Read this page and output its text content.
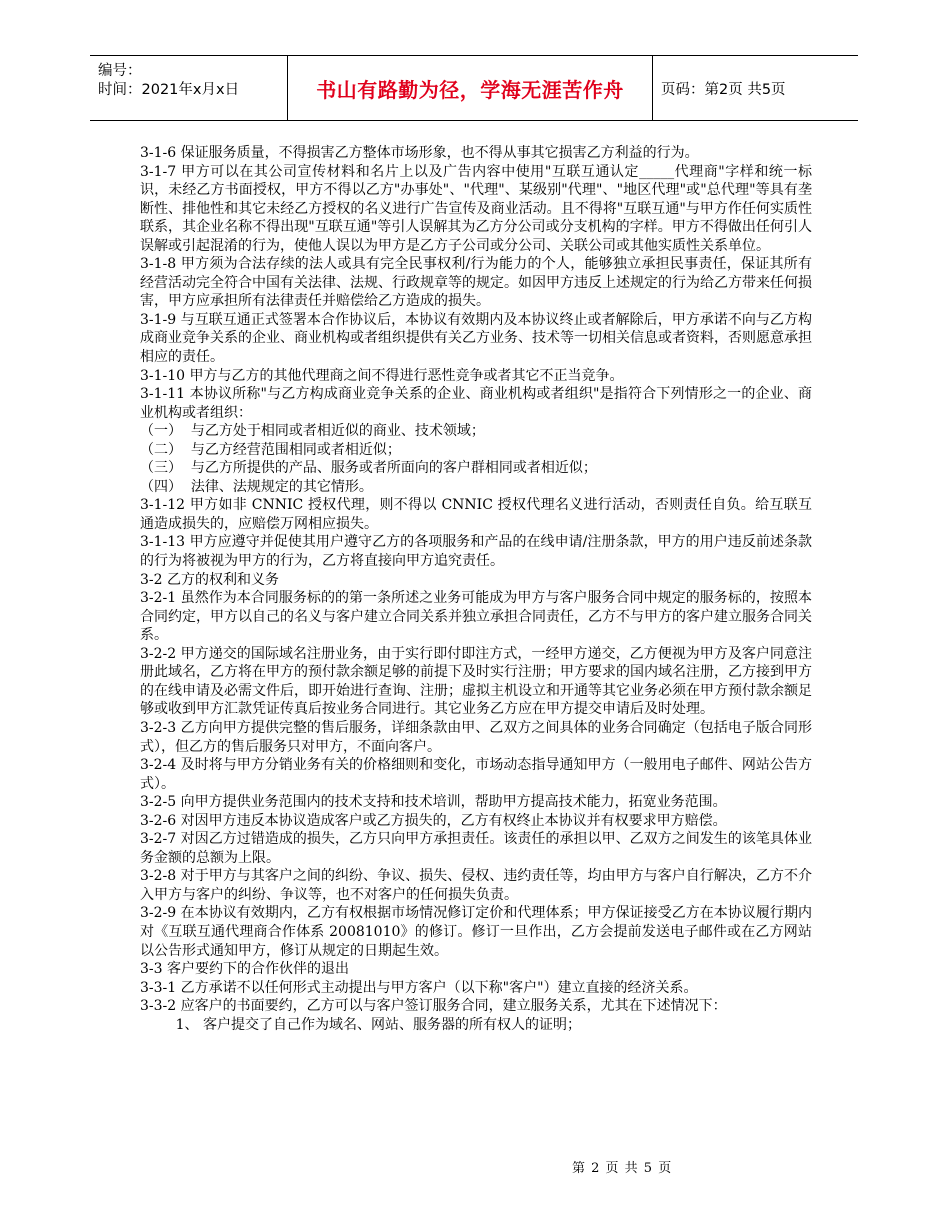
编号：
时间：2021年x月x日	书山有路勤为径，学海无涯苦作舟	页码：第2页 共5页

3-1-6 保证服务质量，不得损害乙方整体市场形象，也不得从事其它损害乙方利益的行为。

3-1-7 甲方可以在其公司宣传材料和名片上以及广告内容中使用"互联互通认定_____代理商"字样和统一标识，未经乙方书面授权，甲方不得以乙方"办事处"、"代理"、某级别"代理"、"地区代理"或"总代理"等具有垄断性、排他性和其它未经乙方授权的名义进行广告宣传及商业活动。且不得将"互联互通"与甲方作任何实质性联系，其企业名称不得出现"互联互通"等引人误解其为乙方分公司或分支机构的字样。甲方不得做出任何引人误解或引起混淆的行为，使他人误以为甲方是乙方子公司或分公司、关联公司或其他实质性关系单位。

3-1-8 甲方须为合法存续的法人或具有完全民事权利/行为能力的个人，能够独立承担民事责任，保证其所有经营活动完全符合中国有关法律、法规、行政规章等的规定。如因甲方违反上述规定的行为给乙方带来任何损害，甲方应承担所有法律责任并赔偿给乙方造成的损失。

3-1-9 与互联互通正式签署本合作协议后，本协议有效期内及本协议终止或者解除后，甲方承诺不向与乙方构成商业竞争关系的企业、商业机构或者组织提供有关乙方业务、技术等一切相关信息或者资料，否则愿意承担相应的责任。

3-1-10 甲方与乙方的其他代理商之间不得进行恶性竞争或者其它不正当竞争。

3-1-11 本协议所称"与乙方构成商业竞争关系的企业、商业机构或者组织"是指符合下列情形之一的企业、商业机构或者组织：

（一）  与乙方处于相同或者相近似的商业、技术领域；

（二）  与乙方经营范围相同或者相近似；

（三）  与乙方所提供的产品、服务或者所面向的客户群相同或者相近似；

（四）  法律、法规规定的其它情形。

3-1-12 甲方如非 CNNIC 授权代理，则不得以 CNNIC 授权代理名义进行活动，否则责任自负。给互联互通造成损失的，应赔偿万网相应损失。

3-1-13 甲方应遵守并促使其用户遵守乙方的各项服务和产品的在线申请/注册条款，甲方的用户违反前述条款的行为将被视为甲方的行为，乙方将直接向甲方追究责任。

3-2 乙方的权利和义务

3-2-1 虽然作为本合同服务标的的第一条所述之业务可能成为甲方与客户服务合同中规定的服务标的，按照本合同约定，甲方以自己的名义与客户建立合同关系并独立承担合同责任，乙方不与甲方的客户建立服务合同关系。

3-2-2 甲方递交的国际域名注册业务，由于实行即付即注方式，一经甲方递交，乙方便视为甲方及客户同意注册此域名，乙方将在甲方的预付款余额足够的前提下及时实行注册；甲方要求的国内域名注册，乙方接到甲方的在线申请及必需文件后，即开始进行查询、注册；虚拟主机设立和开通等其它业务必须在甲方预付款余额足够或收到甲方汇款凭证传真后按业务合同进行。其它业务乙方应在甲方提交申请后及时处理。

3-2-3 乙方向甲方提供完整的售后服务，详细条款由甲、乙双方之间具体的业务合同确定（包括电子版合同形式），但乙方的售后服务只对甲方，不面向客户。

3-2-4 及时将与甲方分销业务有关的价格细则和变化，市场动态指导通知甲方（一般用电子邮件、网站公告方式）。

3-2-5 向甲方提供业务范围内的技术支持和技术培训，帮助甲方提高技术能力，拓宽业务范围。

3-2-6 对因甲方违反本协议造成客户或乙方损失的，乙方有权终止本协议并有权要求甲方赔偿。

3-2-7 对因乙方过错造成的损失，乙方只向甲方承担责任。该责任的承担以甲、乙双方之间发生的该笔具体业务金额的总额为上限。

3-2-8 对于甲方与其客户之间的纠纷、争议、损失、侵权、违约责任等，均由甲方与客户自行解决，乙方不介入甲方与客户的纠纷、争议等，也不对客户的任何损失负责。

3-2-9 在本协议有效期内，乙方有权根据市场情况修订定价和代理体系；甲方保证接受乙方在本协议履行期内对《互联互通代理商合作体系 20081010》的修订。修订一旦作出，乙方会提前发送电子邮件或在乙方网站以公告形式通知甲方，修订从规定的日期起生效。

3-3 客户要约下的合作伙伴的退出

3-3-1 乙方承诺不以任何形式主动提出与甲方客户（以下称"客户"）建立直接的经济关系。

3-3-2 应客户的书面要约，乙方可以与客户签订服务合同，建立服务关系，尤其在下述情况下：

1、 客户提交了自己作为域名、网站、服务器的所有权人的证明；

第 2 页 共 5 页
